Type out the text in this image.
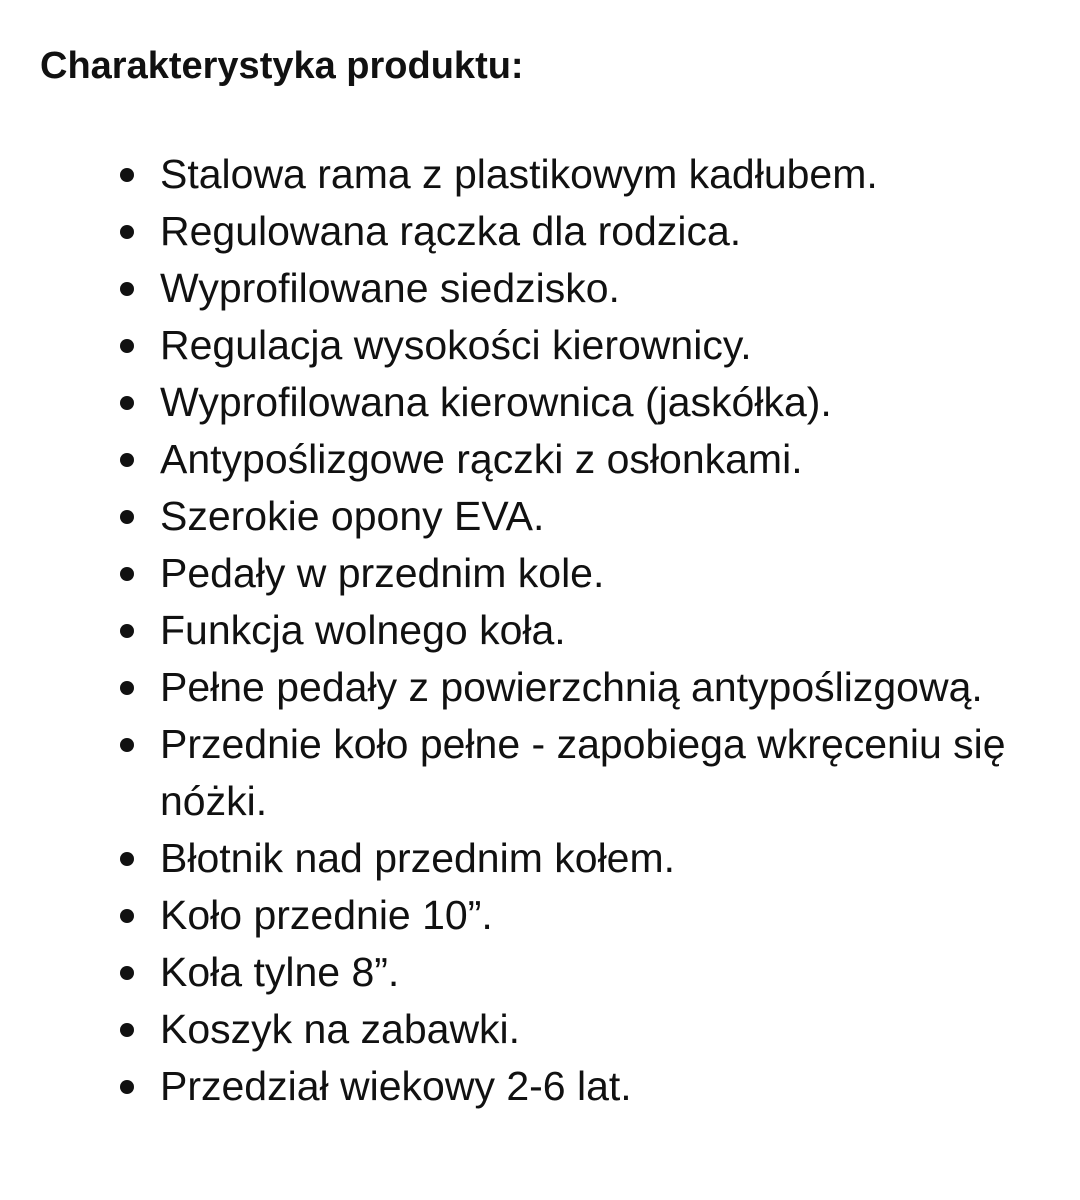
Charakterystyka produktu:
Stalowa rama z plastikowym kadłubem.
Regulowana rączka dla rodzica.
Wyprofilowane siedzisko.
Regulacja wysokości kierownicy.
Wyprofilowana kierownica (jaskółka).
Antypoślizgowe rączki z osłonkami.
Szerokie opony EVA.
Pedały w przednim kole.
Funkcja wolnego koła.
Pełne pedały z powierzchnią antypoślizgową.
Przednie koło pełne - zapobiega wkręceniu się nóżki.
Błotnik nad przednim kołem.
Koło przednie 10”.
Koła tylne 8”.
Koszyk na zabawki.
Przedział wiekowy 2-6 lat.
